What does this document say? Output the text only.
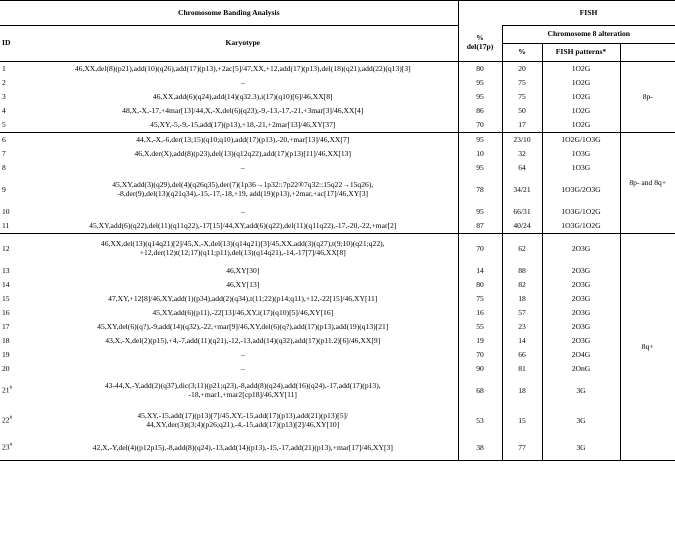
Chromosome Banding Analysis			FISH		
ID	Karyotype	%
del(17p)	Chromosome 8 alteration		
			%	FISH patterns*	
1	46,XX,del(8)(p21),add(10)(q26),add(17)(p13),+2ac[5]/47,XX,+12,add(17)(p13),del(18)(q21),add(22)(q13)[3]	80	20	1O2G	8p-
2	–	95	75	1O2G	
3	46,XX,add(6)(q24),add(14)(q32.3),i(17)(q10)[6]/46,XX[8]	95	75	1O2G	
4	48,X,-X,-17,+4mar[13]/44,X,-X,del(6)(q23),-9,-13,-17,-21,+3mar[3]/46,XX[4]	86	50	1O2G	
5	45,XY,-5,-9,-15,add(17)(p13),+18,-21,+2mar[13]/46,XY[37]	70	17	1O2G	
6	44,X,-X,-6,der(13;15)(q10;q10),add(17)(p13),-20,+mar[13]/46,XX[7]	95	23/10	1O2G/1O3G	8p- and 8q+
7	46,X,der(X),add(8)(p23),del(13)(q12q22),add(17)(p13)[11]/46,XX[13]	10	32	1O3G	
8	–	95	64	1O3G	
9	45,XY,add(3)(q29),del(4)(q26q35),der(7)(1p36→1p32::7p22®7q32::15q22→15q26),
-8,der(9),del(13)(q21q34),-15,-17,-18,+19, add(19)(p13),+2mar,+ac[17]/46,XY[3]	78	34/21	1O3G/2O3G	
10	–	95	66/31	1O3G/1O2G	
11	45,XY,add(6)(q22),del(11)(q11q22),-17[15]/44,XY,add(6)(q22),del(11)(q11q22),-17,-20,-22,+mar[2]	87	40/24	1O3G/1O2G	
12	46,XX,del(13)(q14q21)[2]/45,X,-X,del(13)(q14q21)[3]/45,XX,add(3)(q27),t(9;10)(q21;q22),
+12,der(12)t(12;17)(q11;p11),del(13)(q14q21),-14,-17[7]/46,XX[8]	70	62	2O3G	8q+
13	46,XY[30]	14	88	2O3G	
14	46,XY[13]	80	82	2O3G	
15	47,XY,+12[8]/46,XY,add(1)(p34),add(2)(q34),t(11;22)(p14;q11),+12,-22[15]/46,XY[11]	75	18	2O3G	
16	45,XY,add(6)(p11),-22[13]/46,XY,i(17)(q10)[5]/46,XY[16]	16	57	2O3G	
17	45,XY,del(6)(q?),-9,add(14)(q32),-22,+mar[9]/46,XY,del(6)(q?),add(17)(p13),add(19)(q13)[21]	55	23	2O3G	
18	43,X,-X,del(2)(p15),+4,-7,add(11)(q21),-12,-13,add(14)(q32),add(17)(p11.2)[6]/46,XX[9]	19	14	2O3G	
19	–	70	66	2O4G	
20	–	90	81	2OnG	
21#	43-44,X,-Y,add(2)(q37),dic(3;11)(p21;q23),-8,add(8)(q24),add(16)(q24),-17,add(17)(p13),
-18,+mar1,+mar2[cp18]/46,XY[11]	68	18	3G	
22#	45,XY,-15,add(17)(p13)[7]/45,XY,-15,add(17)(p13),add(21)(p13)[5]/
44,XY,der(3)t(3;4)(p26;q21),-4,-15,add(17)(p13)[2]/46,XY[10]	53	15	3G	
23#	42,X,-Y,del(4)(p12p15),-8,add(8)(q24),-13,add(14)(p13),-15,-17,add(21)(p13),+mar[17]/46,XY[3]	38	77	3G	
